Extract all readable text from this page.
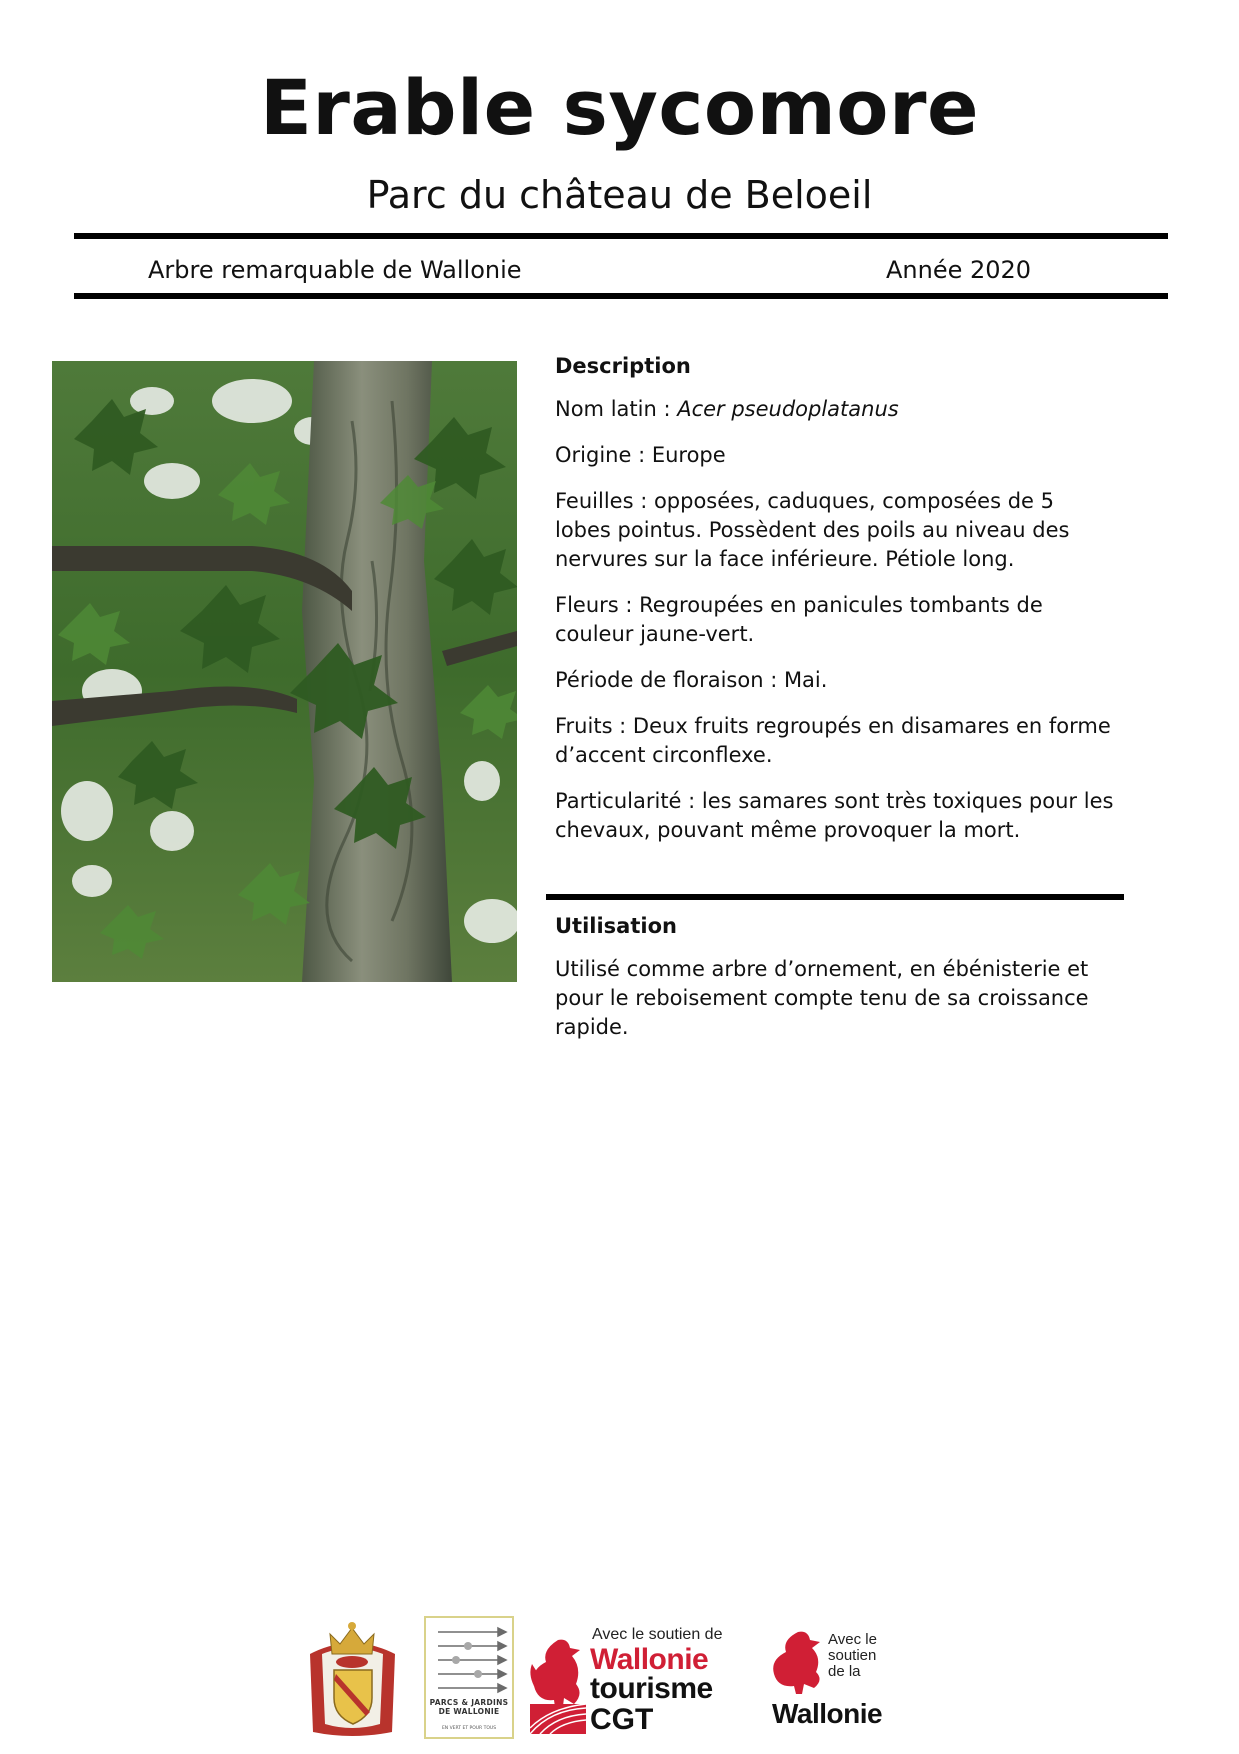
Erable sycomore
Parc du château de Beloeil
Arbre remarquable de Wallonie	Année 2020
Description

Nom latin : Acer pseudoplatanus

Origine : Europe

Feuilles : opposées, caduques, composées de 5 lobes pointus. Possèdent des poils au niveau des nervures sur la face inférieure. Pétiole long.

Fleurs : Regroupées en panicules tombants de couleur jaune-vert.

Période de floraison : Mai.

Fruits : Deux fruits regroupés en disamares en forme d’accent circonflexe.

Particularité : les samares sont très toxiques pour les chevaux, pouvant même provoquer la mort.

Utilisation

Utilisé comme arbre d’ornement, en ébénisterie et pour le reboisement compte tenu de sa croissance rapide.

PARCS & JARDINS
DE WALLONIE
EN VERT ET POUR TOUS
Avec le soutien de
Wallonie
tourisme
CGT
Avec le
soutien
de la
Wallonie
